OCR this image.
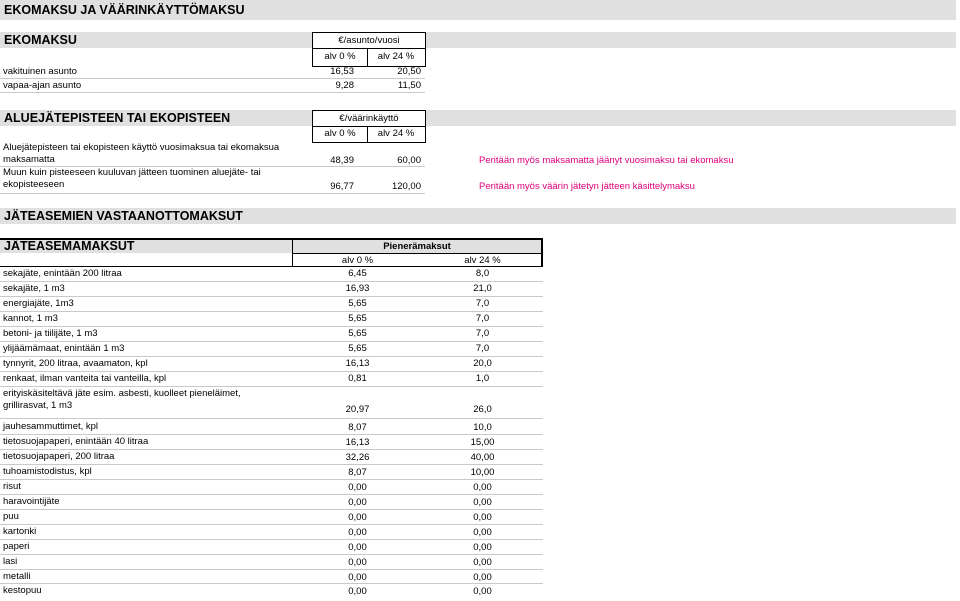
EKOMAKSU JA VÄÄRINKÄYTTÖMAKSU
EKOMAKSU	€/asunto/vuosi
alv 0 %	alv 24 %
vakituinen asunto	16,53	20,50
vapaa-ajan asunto	9,28	11,50
ALUEJÄTEPISTEEN TAI EKOPISTEEN	€/väärinkäyttö
alv 0 %	alv 24 %
Aluejätepisteen tai ekopisteen käyttö vuosimaksua tai ekomaksua
maksamatta	48,39	60,00	Peritään myös maksamatta jäänyt vuosimaksu tai ekomaksu
Muun kuin pisteeseen kuuluvan jätteen tuominen aluejäte- tai
ekopisteeseen	96,77	120,00	Peritään myös väärin jätetyn jätteen käsittelymaksu
JÄTEASEMIEN VASTAANOTTOMAKSUT
JÄTEASEMAMAKSUT	Pienerämaksut
alv 0 %	alv 24 %
sekajäte, enintään 200 litraa	6,45	8,0
sekajäte, 1 m3	16,93	21,0
energiajäte, 1m3	5,65	7,0
kannot, 1 m3	5,65	7,0
betoni- ja tiilijäte, 1 m3	5,65	7,0
ylijäämämaat, enintään 1 m3	5,65	7,0
tynnyrit, 200 litraa, avaamaton, kpl	16,13	20,0
renkaat, ilman vanteita tai vanteilla, kpl	0,81	1,0
erityiskäsiteltävä jäte esim. asbesti, kuolleet pieneläimet,
grillirasvat, 1 m3	20,97	26,0
jauhesammuttimet, kpl	8,07	10,0
tietosuojapaperi, enintään 40 litraa	16,13	15,00
tietosuojapaperi, 200 litraa	32,26	40,00
tuhoamistodistus, kpl	8,07	10,00
risut	0,00	0,00
haravointijäte	0,00	0,00
puu	0,00	0,00
kartonki	0,00	0,00
paperi	0,00	0,00
lasi	0,00	0,00
metalli	0,00	0,00
kestopuu	0,00	0,00
